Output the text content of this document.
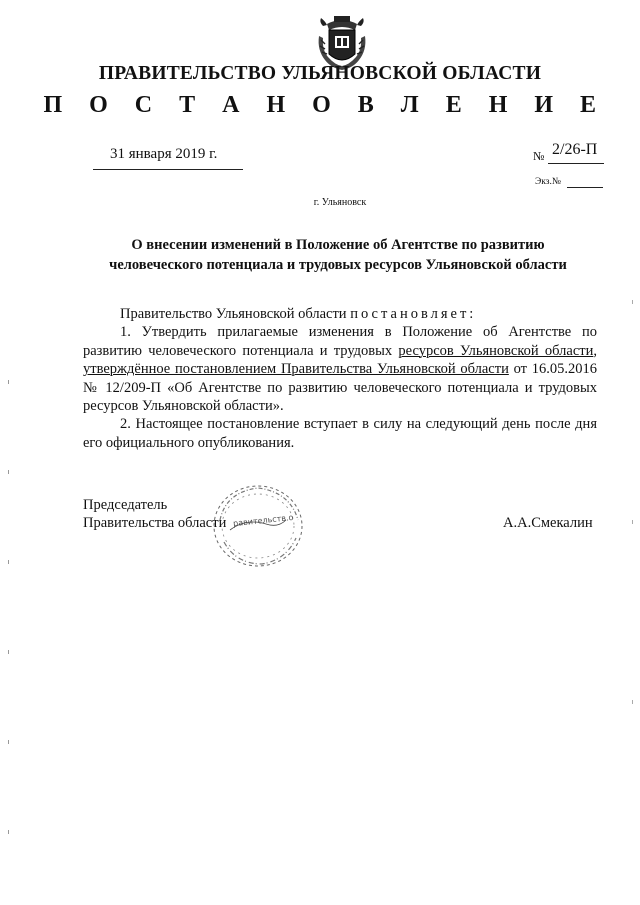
ПРАВИТЕЛЬСТВО УЛЬЯНОВСКОЙ ОБЛАСТИ
П О С Т А Н О В Л Е Н И Е
31 января 2019 г.	№ 2/26-П
Экз.№
г. Ульяновск
О внесении изменений в Положение об Агентстве по развитию
человеческого потенциала и трудовых ресурсов Ульяновской области

Правительство Ульяновской области постановляет:

1. Утвердить прилагаемые изменения в Положение об Агентстве по развитию человеческого потенциала и трудовых ресурсов Ульяновской области, утверждённое постановлением Правительства Ульяновской области от 16.05.2016 № 12/209-П «Об Агентстве по развитию человеческого потенциала и трудовых ресурсов Ульяновской области».

2. Настоящее постановление вступает в силу на следующий день после дня его официального опубликования.

Председатель
Правительства области равительств.о	А.А.Смекалин
